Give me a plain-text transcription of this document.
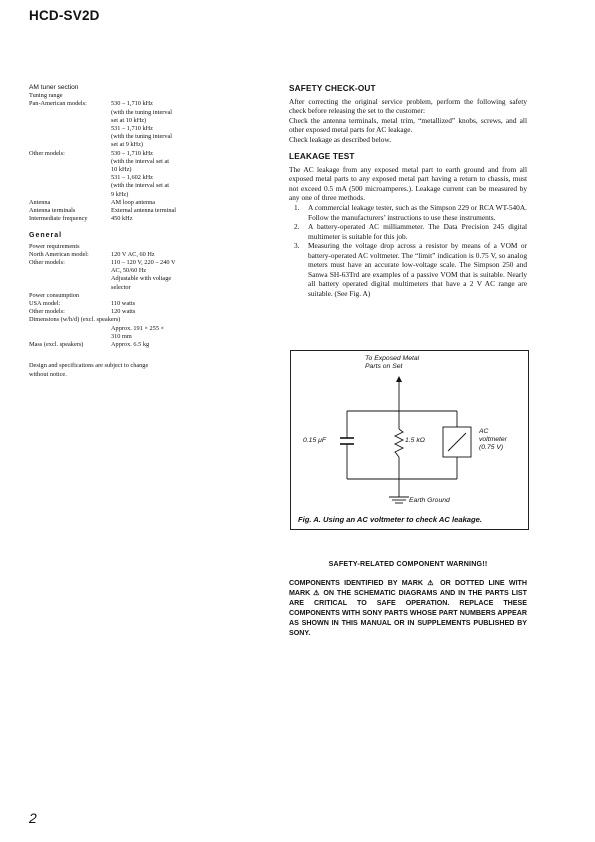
HCD-SV2D
AM tuner section
Tuning range
Pan-American models:	530 – 1,710 kHz
(with the tuning interval
set at 10 kHz)
531 – 1,710 kHz
(with the tuning interval
set at 9 kHz)
Other models:	530 – 1,710 kHz
(with the interval set at
10 kHz)
531 – 1,602 kHz
(with the interval set at
9 kHz)
Antenna	AM loop antenna
Antenna terminals	External antenna terminal
Intermediate frequency	450 kHz
General
Power requirements
North American model:	120 V AC, 60 Hz
Other models:	110 – 120 V, 220 – 240 V
AC, 50/60 Hz
Adjustable with voltage
selector
Power consumption
USA model:	110 watts
Other models:	120 watts
Dimensions (w/h/d) (excl. speakers)
Approx. 191 × 255 ×
310 mm
Mass (excl. speakers)	Approx. 6.5 kg
Design and specifications are subject to change
without notice.
SAFETY CHECK-OUT

After correcting the original service problem, perform the following safety check before releasing the set to the customer:
Check the antenna terminals, metal trim, “metallized” knobs, screws, and all other exposed metal parts for AC leakage.
Check leakage as described below.

LEAKAGE TEST

The AC leakage from any exposed metal part to earth ground and from all exposed metal parts to any exposed metal part having a return to chassis, must not exceed 0.5 mA (500 microamperes.). Leakage current can be measured by any one of three methods.

1.	A commercial leakage tester, such as the Simpson 229 or RCA WT-540A. Follow the manufacturers’ instructions to use these instruments.
2.	A battery-operated AC milliammeter. The Data Precision 245 digital multimeter is suitable for this job.
3.	Measuring the voltage drop across a resistor by means of a VOM or battery-operated AC voltmeter. The “limit” indication is 0.75 V, so analog meters must have an accurate low-voltage scale. The Simpson 250 and Sanwa SH-63Trd are examples of a passive VOM that is suitable. Nearly all battery operated digital multimeters that have a 2 V AC range are suitable. (See Fig. A)
To Exposed Metal
Parts on Set
0.15 μF	1.5 kΩ
AC
voltmeter
(0.75 V)
Earth Ground
Fig. A. Using an AC voltmeter to check AC leakage.
SAFETY-RELATED COMPONENT WARNING!!
COMPONENTS IDENTIFIED BY MARK ⚠ OR DOTTED LINE WITH MARK ⚠ ON THE SCHEMATIC DIAGRAMS AND IN THE PARTS LIST ARE CRITICAL TO SAFE OPERATION. REPLACE THESE COMPONENTS WITH SONY PARTS WHOSE PART NUMBERS APPEAR AS SHOWN IN THIS MANUAL OR IN SUPPLEMENTS PUBLISHED BY SONY.
2
